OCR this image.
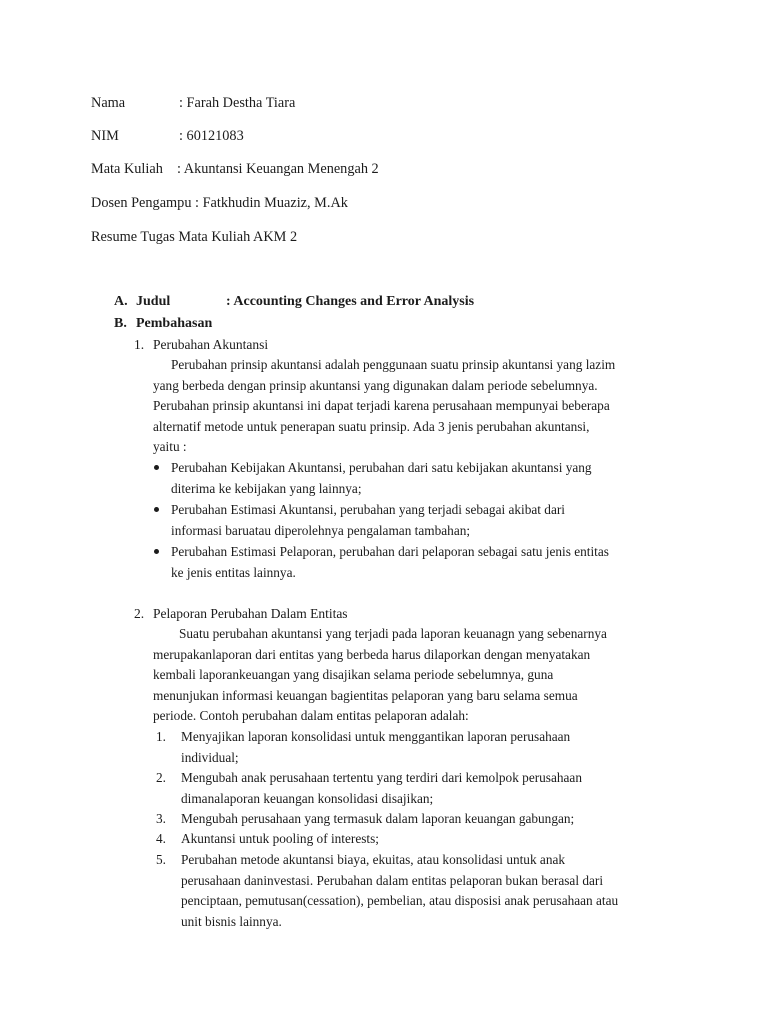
Nama	: Farah Destha Tiara
NIM	: 60121083
Mata Kuliah : Akuntansi Keuangan Menengah 2
Dosen Pengampu : Fatkhudin Muaziz, M.Ak
Resume Tugas Mata Kuliah AKM 2
A. Judul	: Accounting Changes and Error Analysis
B. Pembahasan
1. Perubahan Akuntansi
Perubahan prinsip akuntansi adalah penggunaan suatu prinsip akuntansi yang lazim
yang berbeda dengan prinsip akuntansi yang digunakan dalam periode sebelumnya.
Perubahan prinsip akuntansi ini dapat terjadi karena perusahaan mempunyai beberapa
alternatif metode untuk penerapan suatu prinsip. Ada 3 jenis perubahan akuntansi,
yaitu :
Perubahan Kebijakan Akuntansi, perubahan dari satu kebijakan akuntansi yang
diterima ke kebijakan yang lainnya;
Perubahan Estimasi Akuntansi, perubahan yang terjadi sebagai akibat dari
informasi baruatau diperolehnya pengalaman tambahan;
Perubahan Estimasi Pelaporan, perubahan dari pelaporan sebagai satu jenis entitas
ke jenis entitas lainnya.
2. Pelaporan Perubahan Dalam Entitas
Suatu perubahan akuntansi yang terjadi pada laporan keuanagn yang sebenarnya
merupakanlaporan dari entitas yang berbeda harus dilaporkan dengan menyatakan
kembali laporankeuangan yang disajikan selama periode sebelumnya, guna
menunjukan informasi keuangan bagientitas pelaporan yang baru selama semua
periode. Contoh perubahan dalam entitas pelaporan adalah:
1.	Menyajikan laporan konsolidasi untuk menggantikan laporan perusahaan
individual;
2.	Mengubah anak perusahaan tertentu yang terdiri dari kemolpok perusahaan
dimanalaporan keuangan konsolidasi disajikan;
3.	Mengubah perusahaan yang termasuk dalam laporan keuangan gabungan;
4.	Akuntansi untuk pooling of interests;
5.	Perubahan metode akuntansi biaya, ekuitas, atau konsolidasi untuk anak
perusahaan daninvestasi. Perubahan dalam entitas pelaporan bukan berasal dari
penciptaan, pemutusan(cessation), pembelian, atau disposisi anak perusahaan atau
unit bisnis lainnya.
